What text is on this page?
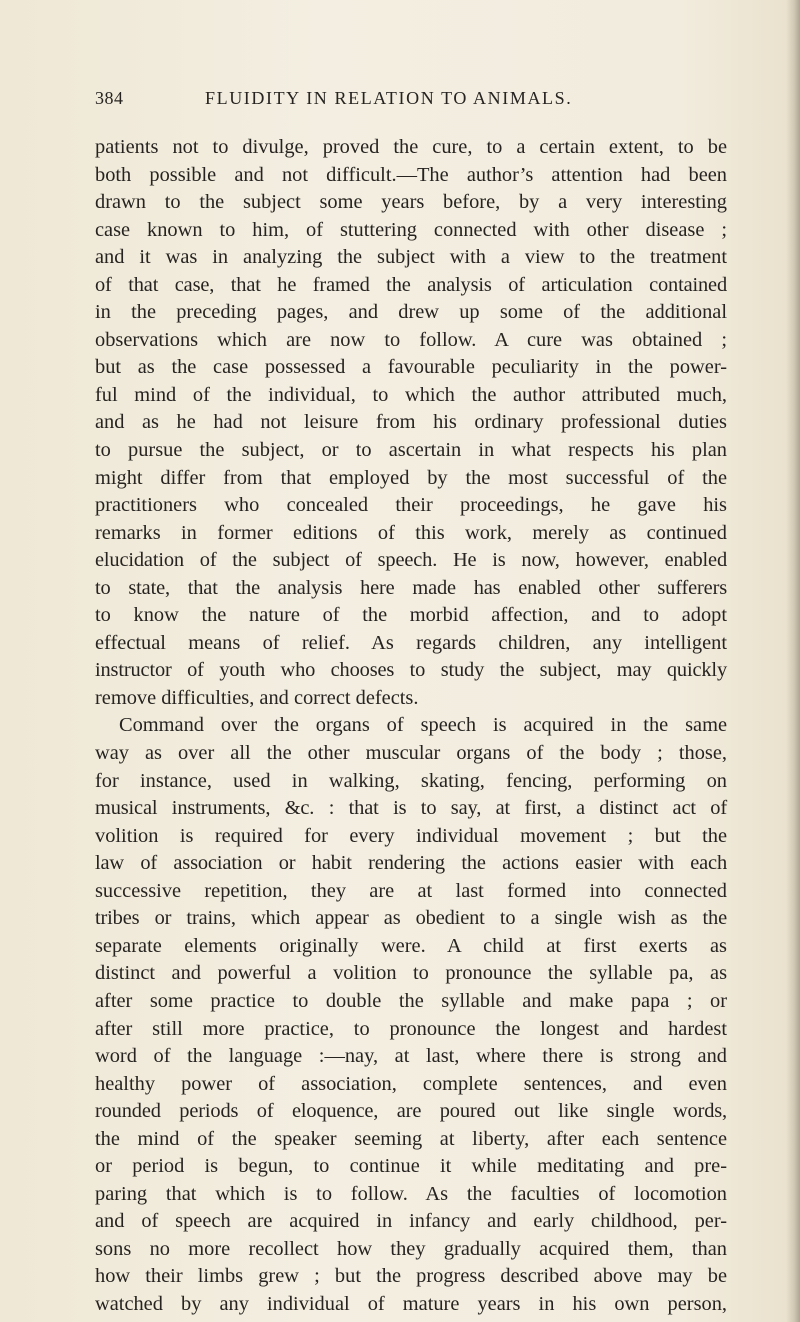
384	FLUIDITY IN RELATION TO ANIMALS.

patients not to divulge, proved the cure, to a certain extent, to be
both possible and not difficult.—The author’s attention had been
drawn to the subject some years before, by a very interesting
case known to him, of stuttering connected with other disease ;
and it was in analyzing the subject with a view to the treatment
of that case, that he framed the analysis of articulation contained
in the preceding pages, and drew up some of the additional
observations which are now to follow. A cure was obtained ;
but as the case possessed a favourable peculiarity in the power-
ful mind of the individual, to which the author attributed much,
and as he had not leisure from his ordinary professional duties
to pursue the subject, or to ascertain in what respects his plan
might differ from that employed by the most successful of the
practitioners who concealed their proceedings, he gave his
remarks in former editions of this work, merely as continued
elucidation of the subject of speech. He is now, however, enabled
to state, that the analysis here made has enabled other sufferers
to know the nature of the morbid affection, and to adopt
effectual means of relief. As regards children, any intelligent
instructor of youth who chooses to study the subject, may quickly
remove difficulties, and correct defects.

Command over the organs of speech is acquired in the same
way as over all the other muscular organs of the body ; those,
for instance, used in walking, skating, fencing, performing on
musical instruments, &c. : that is to say, at first, a distinct act of
volition is required for every individual movement ; but the
law of association or habit rendering the actions easier with each
successive repetition, they are at last formed into connected
tribes or trains, which appear as obedient to a single wish as the
separate elements originally were. A child at first exerts as
distinct and powerful a volition to pronounce the syllable pa, as
after some practice to double the syllable and make papa ; or
after still more practice, to pronounce the longest and hardest
word of the language :—nay, at last, where there is strong and
healthy power of association, complete sentences, and even
rounded periods of eloquence, are poured out like single words,
the mind of the speaker seeming at liberty, after each sentence
or period is begun, to continue it while meditating and pre-
paring that which is to follow. As the faculties of locomotion
and of speech are acquired in infancy and early childhood, per-
sons no more recollect how they gradually acquired them, than
how their limbs grew ; but the progress described above may be
watched by any individual of mature years in his own person,
